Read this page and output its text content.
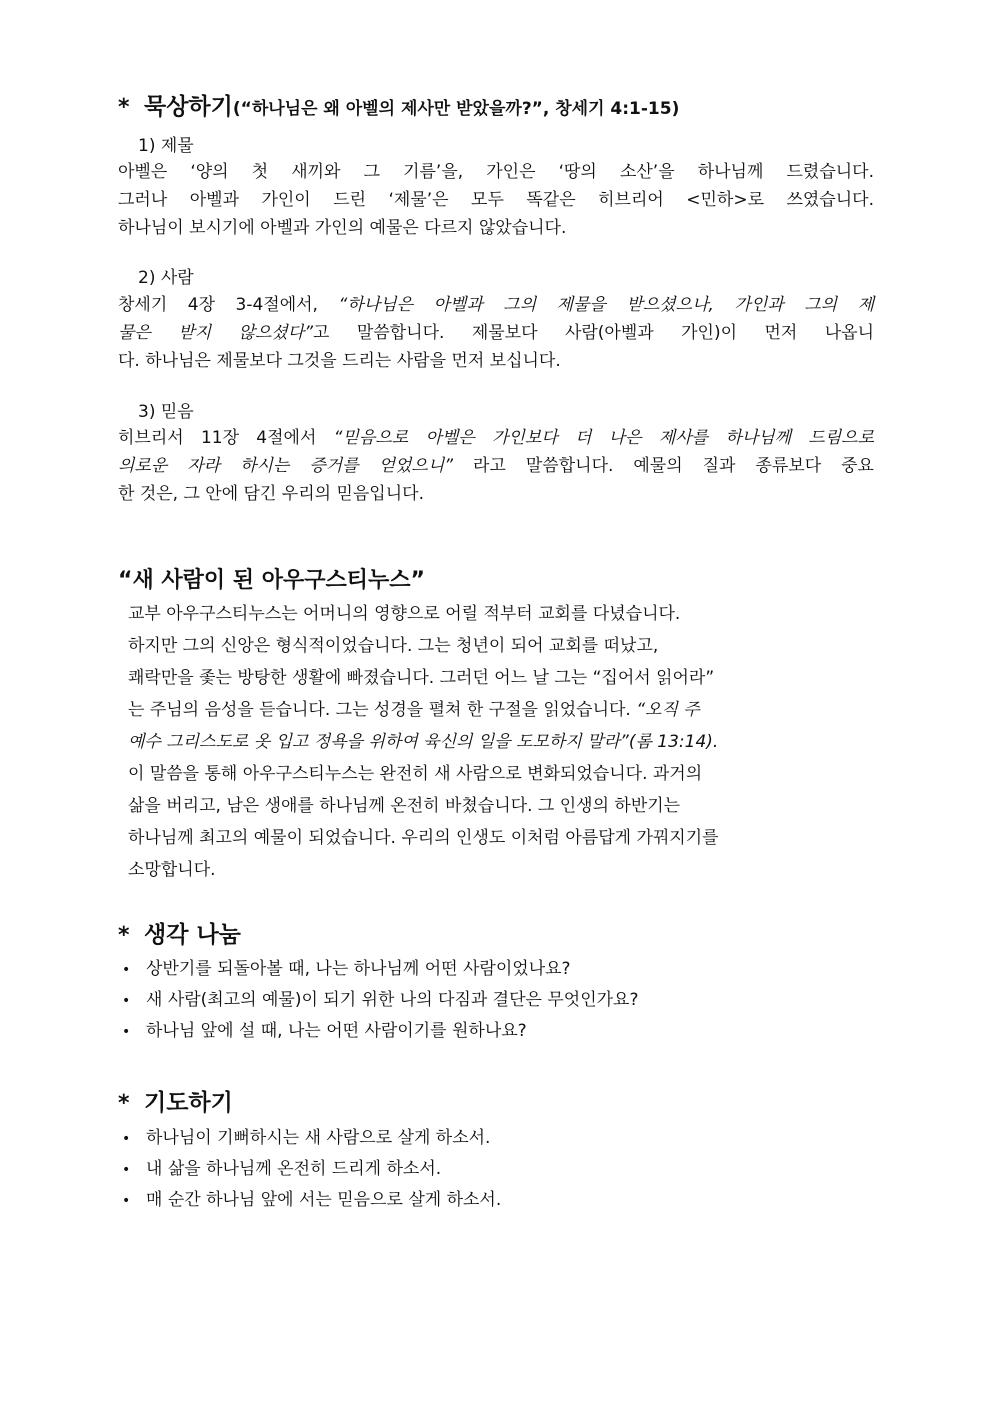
* 묵상하기(“하나님은 왜 아벨의 제사만 받았을까?”, 창세기 4:1-15)
1) 제물
아벨은 ‘양의 첫 새끼와 그 기름’을, 가인은 ‘땅의 소산’을 하나님께 드렸습니다.
그러나 아벨과 가인이 드린 ‘제물’은 모두 똑같은 히브리어 <민하>로 쓰였습니다.
하나님이 보시기에 아벨과 가인의 예물은 다르지 않았습니다.
2) 사람
창세기 4장 3-4절에서, “하나님은 아벨과 그의 제물을 받으셨으나, 가인과 그의 제
물은 받지 않으셨다”고 말씀합니다. 제물보다 사람(아벨과 가인)이 먼저 나옵니
다. 하나님은 제물보다 그것을 드리는 사람을 먼저 보십니다.
3) 믿음
히브리서 11장 4절에서 “믿음으로 아벨은 가인보다 더 나은 제사를 하나님께 드림으로
의로운 자라 하시는 증거를 얻었으니” 라고 말씀합니다. 예물의 질과 종류보다 중요
한 것은, 그 안에 담긴 우리의 믿음입니다.
“새 사람이 된 아우구스티누스”
교부 아우구스티누스는 어머니의 영향으로 어릴 적부터 교회를 다녔습니다.
하지만 그의 신앙은 형식적이었습니다. 그는 청년이 되어 교회를 떠났고,
쾌락만을 좇는 방탕한 생활에 빠졌습니다. 그러던 어느 날 그는 “집어서 읽어라”
는 주님의 음성을 듣습니다. 그는 성경을 펼쳐 한 구절을 읽었습니다. “오직 주
예수 그리스도로 옷 입고 정욕을 위하여 육신의 일을 도모하지 말라”(롬 13:14).
이 말씀을 통해 아우구스티누스는 완전히 새 사람으로 변화되었습니다. 과거의
삶을 버리고, 남은 생애를 하나님께 온전히 바쳤습니다. 그 인생의 하반기는
하나님께 최고의 예물이 되었습니다. 우리의 인생도 이처럼 아름답게 가꿔지기를
소망합니다.
* 생각 나눔
• 상반기를 되돌아볼 때, 나는 하나님께 어떤 사람이었나요?
• 새 사람(최고의 예물)이 되기 위한 나의 다짐과 결단은 무엇인가요?
• 하나님 앞에 설 때, 나는 어떤 사람이기를 원하나요?
* 기도하기
• 하나님이 기뻐하시는 새 사람으로 살게 하소서.
• 내 삶을 하나님께 온전히 드리게 하소서.
• 매 순간 하나님 앞에 서는 믿음으로 살게 하소서.
